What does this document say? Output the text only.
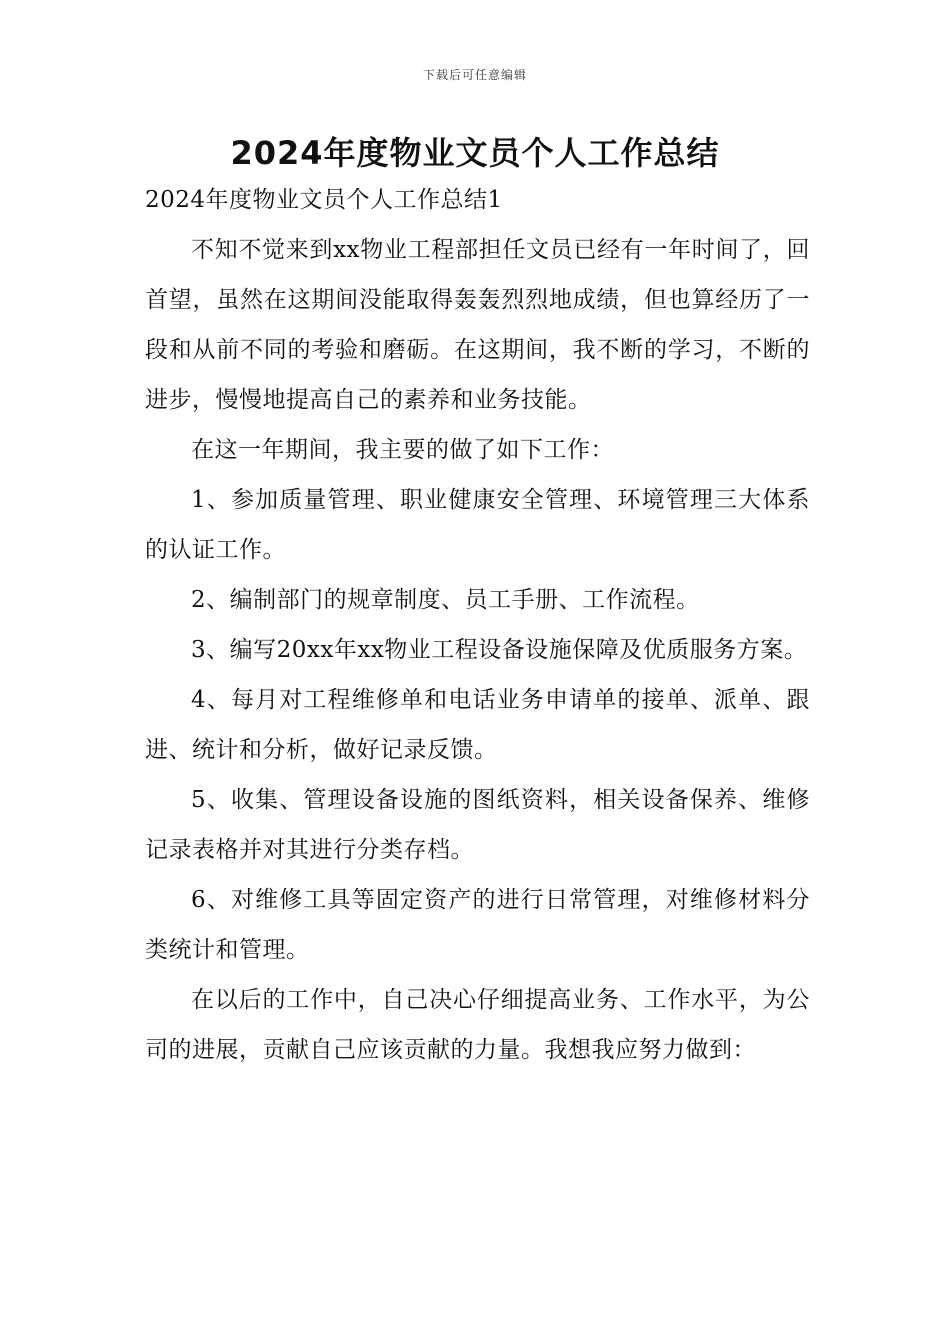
下载后可任意编辑
2024年度物业文员个人工作总结
2024年度物业文员个人工作总结1

不知不觉来到xx物业工程部担任文员已经有一年时间了，回首望，虽然在这期间没能取得轰轰烈烈地成绩，但也算经历了一段和从前不同的考验和磨砺。在这期间，我不断的学习，不断的进步，慢慢地提高自己的素养和业务技能。

在这一年期间，我主要的做了如下工作：

1、参加质量管理、职业健康安全管理、环境管理三大体系的认证工作。

2、编制部门的规章制度、员工手册、工作流程。

3、编写20xx年xx物业工程设备设施保障及优质服务方案。

4、每月对工程维修单和电话业务申请单的接单、派单、跟进、统计和分析，做好记录反馈。

5、收集、管理设备设施的图纸资料，相关设备保养、维修记录表格并对其进行分类存档。

6、对维修工具等固定资产的进行日常管理，对维修材料分类统计和管理。

在以后的工作中，自己决心仔细提高业务、工作水平，为公司的进展，贡献自己应该贡献的力量。我想我应努力做到：
